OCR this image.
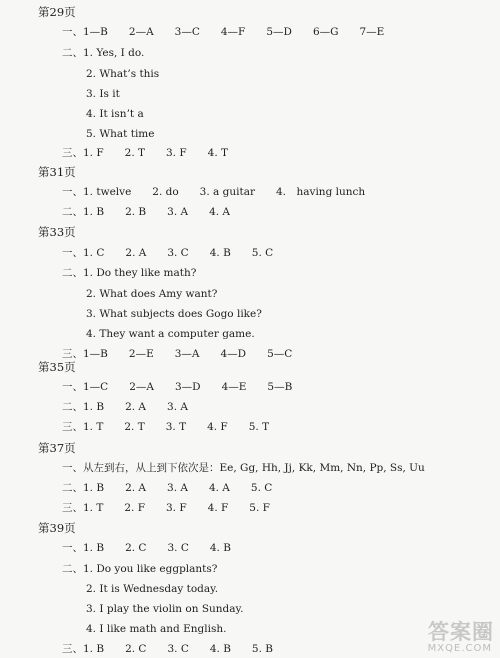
第29页
一、1—B　　2—A　　3—C　　4—F　　5—D　　6—G　　7—E
二、1. Yes, I do.
2. What’s this
3. Is it
4. It isn’t a
5. What time
三、1. F　　2. T　　3. F　　4. T
第31页
一、1. twelve　　2. do　　3. a guitar　　4.　having lunch
二、1. B　　2. B　　3. A　　4. A
第33页
一、1. C　　2. A　　3. C　　4. B　　5. C
二、1. Do they like math?
2. What does Amy want?
3. What subjects does Gogo like?
4. They want a computer game.
三、1—B　　2—E　　3—A　　4—D　　5—C
第35页
一、1—C　　2—A　　3—D　　4—E　　5—B
二、1. B　　2. A　　3. A
三、1. T　　2. T　　3. T　　4. F　　5. T
第37页
一、从左到右，从上到下依次是：Ee, Gg, Hh, Jj, Kk, Mm, Nn, Pp, Ss, Uu
二、1. B　　2. A　　3. A　　4. A　　5. C
三、1. T　　2. F　　3. F　　4. F　　5. F
第39页
一、1. B　　2. C　　3. C　　4. B
二、1. Do you like eggplants?
2. It is Wednesday today.
3. I play the violin on Sunday.
4. I like math and English.
三、1. B　　2. C　　3. C　　4. B　　5. B
答案圈
MXQE.COM
